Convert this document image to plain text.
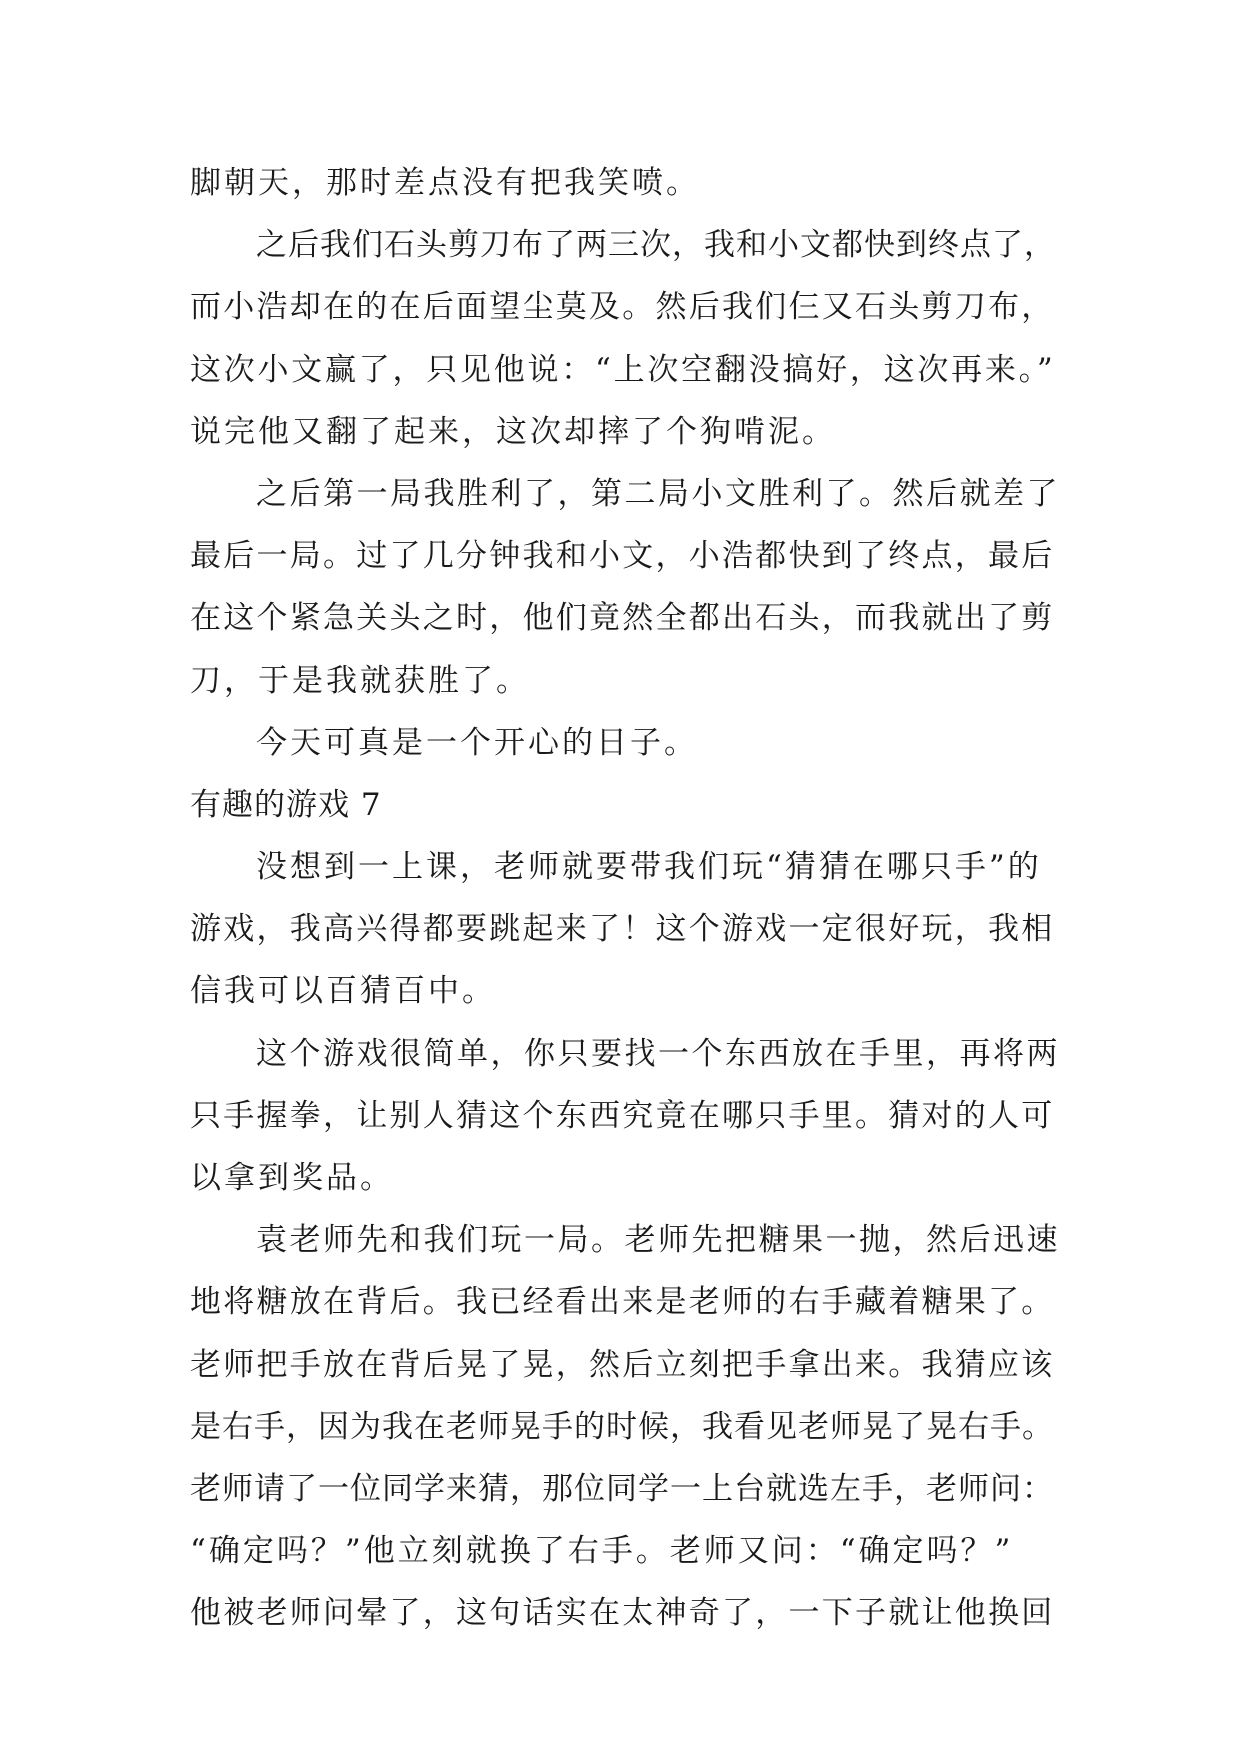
脚朝天，那时差点没有把我笑喷。
之后我们石头剪刀布了两三次，我和小文都快到终点了，
而小浩却在的在后面望尘莫及。然后我们仨又石头剪刀布，
这次小文赢了，只见他说：“上次空翻没搞好，这次再来。”
说完他又翻了起来，这次却摔了个狗啃泥。
之后第一局我胜利了，第二局小文胜利了。然后就差了
最后一局。过了几分钟我和小文，小浩都快到了终点，最后
在这个紧急关头之时，他们竟然全都出石头，而我就出了剪
刀，于是我就获胜了。
今天可真是一个开心的日子。
有趣的游戏 7
没想到一上课，老师就要带我们玩“猜猜在哪只手”的
游戏，我高兴得都要跳起来了！这个游戏一定很好玩，我相
信我可以百猜百中。
这个游戏很简单，你只要找一个东西放在手里，再将两
只手握拳，让别人猜这个东西究竟在哪只手里。猜对的人可
以拿到奖品。
袁老师先和我们玩一局。老师先把糖果一抛，然后迅速
地将糖放在背后。我已经看出来是老师的右手藏着糖果了。
老师把手放在背后晃了晃，然后立刻把手拿出来。我猜应该
是右手，因为我在老师晃手的时候，我看见老师晃了晃右手。
老师请了一位同学来猜，那位同学一上台就选左手，老师问：
“确定吗？”他立刻就换了右手。老师又问：“确定吗？”
他被老师问晕了，这句话实在太神奇了，一下子就让他换回
